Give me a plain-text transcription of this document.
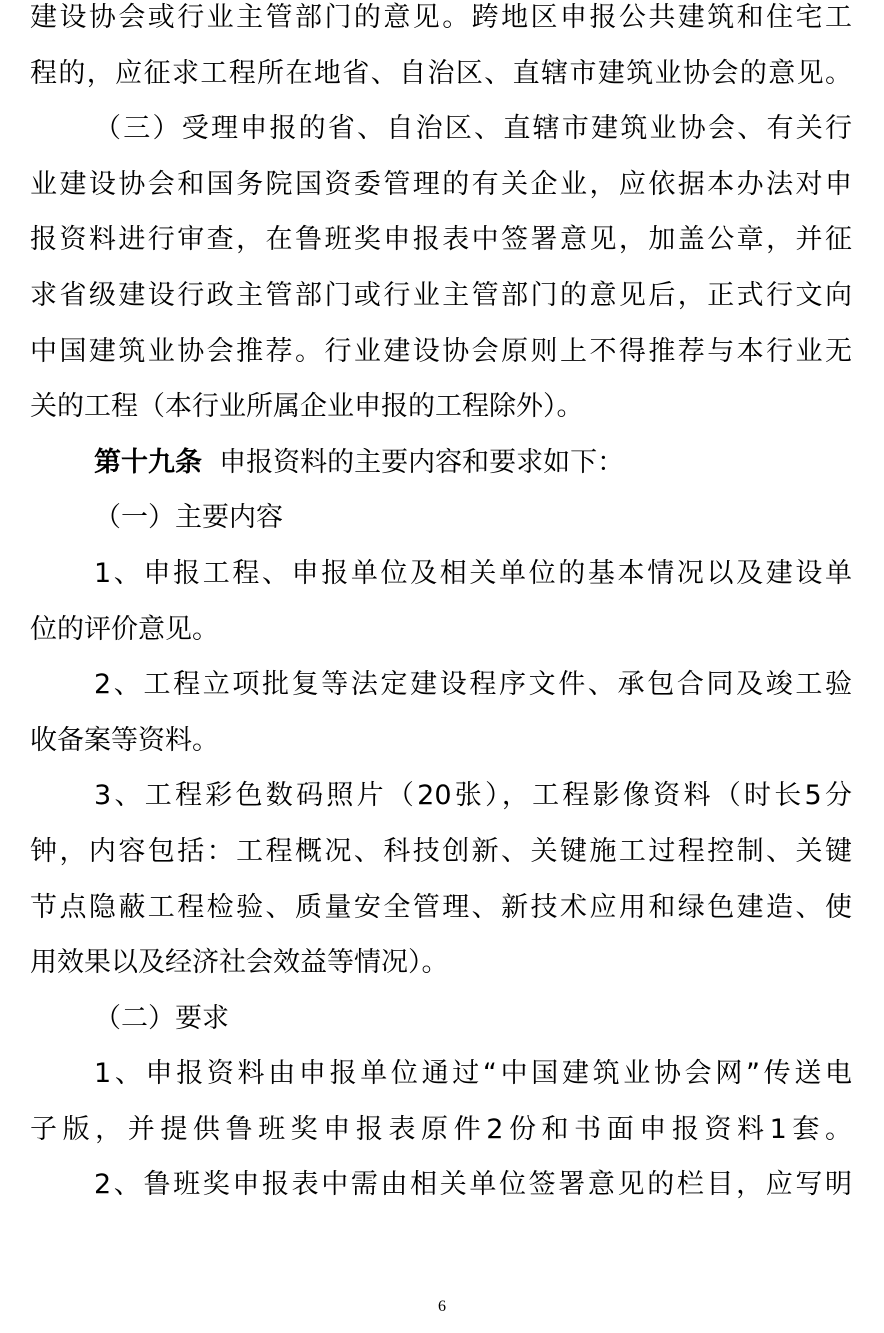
建设协会或行业主管部门的意见。跨地区申报公共建筑和住宅工
程的，应征求工程所在地省、自治区、直辖市建筑业协会的意见。
（三）受理申报的省、自治区、直辖市建筑业协会、有关行
业建设协会和国务院国资委管理的有关企业，应依据本办法对申
报资料进行审查，在鲁班奖申报表中签署意见，加盖公章，并征
求省级建设行政主管部门或行业主管部门的意见后，正式行文向
中国建筑业协会推荐。行业建设协会原则上不得推荐与本行业无
关的工程（本行业所属企业申报的工程除外）。
第十九条 申报资料的主要内容和要求如下：
（一）主要内容
1、申报工程、申报单位及相关单位的基本情况以及建设单
位的评价意见。
2、工程立项批复等法定建设程序文件、承包合同及竣工验
收备案等资料。
3、工程彩色数码照片（20张），工程影像资料（时长5分
钟，内容包括：工程概况、科技创新、关键施工过程控制、关键
节点隐蔽工程检验、质量安全管理、新技术应用和绿色建造、使
用效果以及经济社会效益等情况）。
（二）要求
1、申报资料由申报单位通过“中国建筑业协会网”传送电
子版，并提供鲁班奖申报表原件2份和书面申报资料1套。
2、鲁班奖申报表中需由相关单位签署意见的栏目，应写明
6
